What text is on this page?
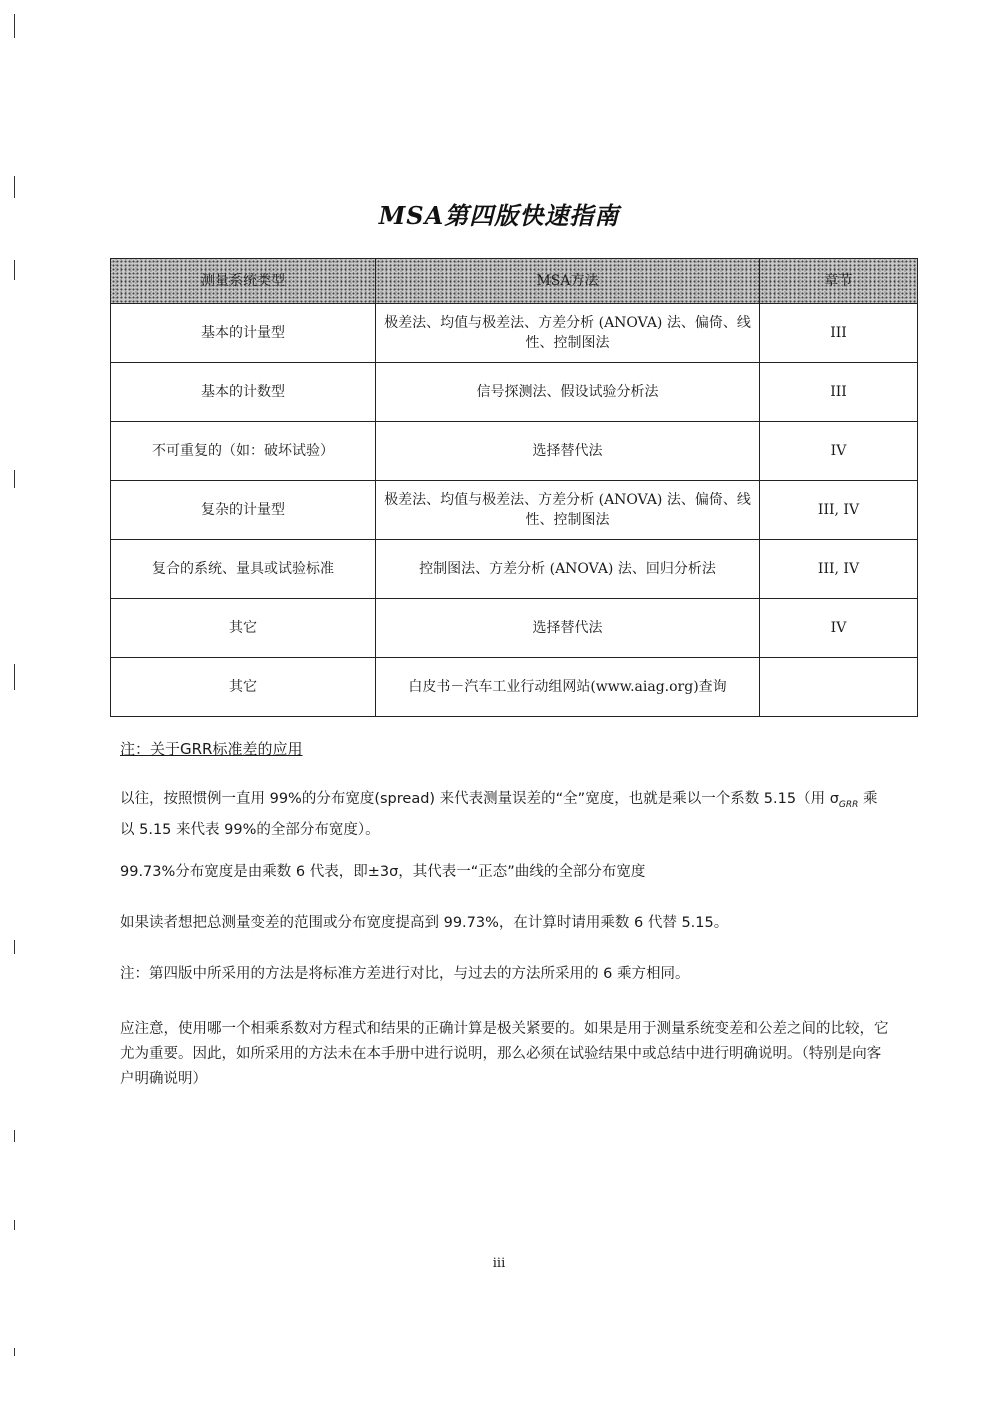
MSA第四版快速指南
测量系统类型	MSA方法	章节
基本的计量型	极差法、均值与极差法、方差分析 (ANOVA) 法、偏倚、线性、控制图法	III
基本的计数型	信号探测法、假设试验分析法	III
不可重复的（如：破坏试验）	选择替代法	IV
复杂的计量型	极差法、均值与极差法、方差分析 (ANOVA) 法、偏倚、线性、控制图法	III, IV
复合的系统、量具或试验标准	控制图法、方差分析 (ANOVA) 法、回归分析法	III, IV
其它	选择替代法	IV
其它	白皮书－汽车工业行动组网站(www.aiag.org)查询	
注：关于GRR标准差的应用
以往，按照惯例一直用 99%的分布宽度(spread) 来代表测量误差的“全”宽度，也就是乘以一个系数 5.15（用 $\sigma_{GRR}$ 乘以 5.15 来代表 99%的全部分布宽度）。
99.73%分布宽度是由乘数 6 代表，即±3σ，其代表一“正态”曲线的全部分布宽度
如果读者想把总测量变差的范围或分布宽度提高到 99.73%，在计算时请用乘数 6 代替 5.15。
注：第四版中所采用的方法是将标准方差进行对比，与过去的方法所采用的 6 乘方相同。
应注意，使用哪一个相乘系数对方程式和结果的正确计算是极关紧要的。如果是用于测量系统变差和公差之间的比较，它尤为重要。因此，如所采用的方法未在本手册中进行说明，那么必须在试验结果中或总结中进行明确说明。（特别是向客户明确说明）
iii
